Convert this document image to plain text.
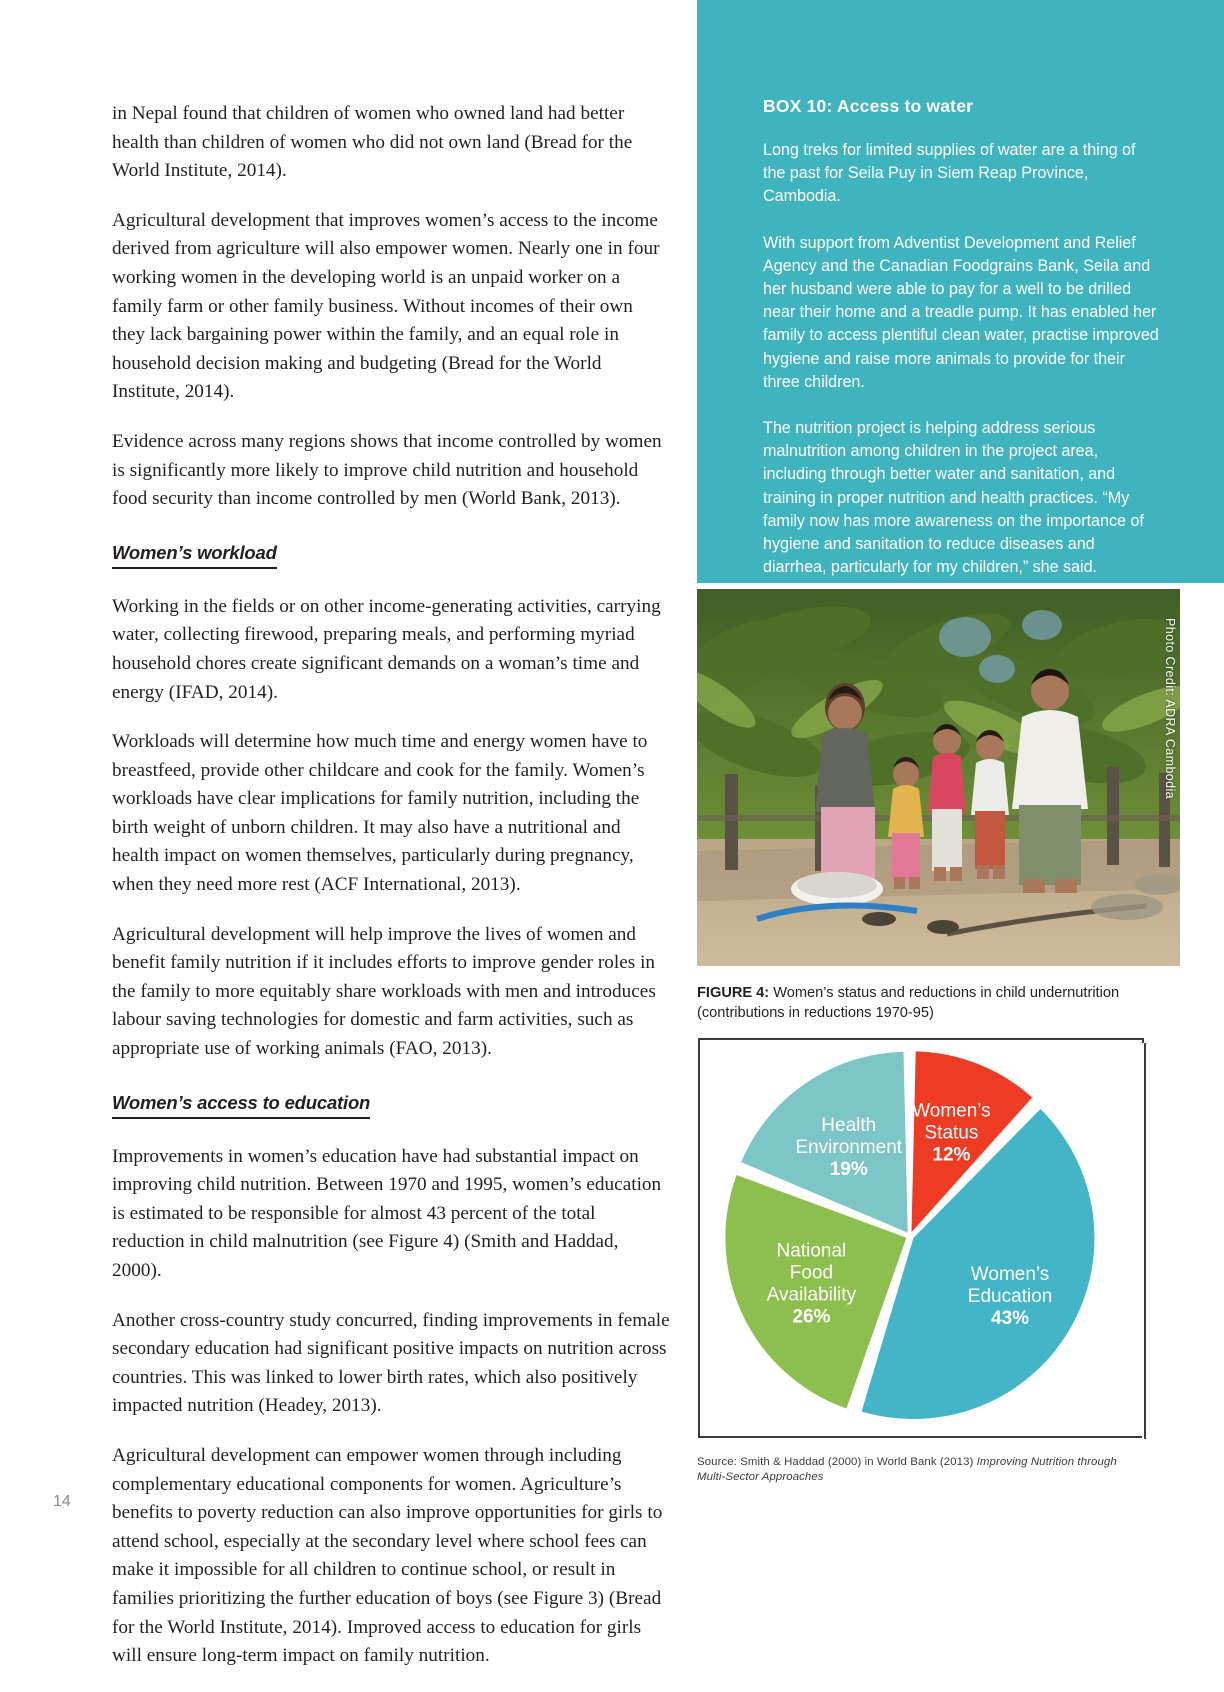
in Nepal found that children of women who owned land had better health than children of women who did not own land (Bread for the World Institute, 2014).

Agricultural development that improves women’s access to the income derived from agriculture will also empower women. Nearly one in four working women in the developing world is an unpaid worker on a family farm or other family business. Without incomes of their own they lack bargaining power within the family, and an equal role in household decision making and budgeting (Bread for the World Institute, 2014).

Evidence across many regions shows that income controlled by women is significantly more likely to improve child nutrition and household food security than income controlled by men (World Bank, 2013).

Women’s workload

Working in the fields or on other income-generating activities, carrying water, collecting firewood, preparing meals, and performing myriad household chores create significant demands on a woman’s time and energy (IFAD, 2014).

Workloads will determine how much time and energy women have to breastfeed, provide other childcare and cook for the family. Women’s workloads have clear implications for family nutrition, including the birth weight of unborn children. It may also have a nutritional and health impact on women themselves, particularly during pregnancy, when they need more rest (ACF International, 2013).

Agricultural development will help improve the lives of women and benefit family nutrition if it includes efforts to improve gender roles in the family to more equitably share workloads with men and introduces labour saving technologies for domestic and farm activities, such as appropriate use of working animals (FAO, 2013).

Women’s access to education

Improvements in women’s education have had substantial impact on improving child nutrition. Between 1970 and 1995, women’s education is estimated to be responsible for almost 43 percent of the total reduction in child malnutrition (see Figure 4) (Smith and Haddad, 2000).

Another cross-country study concurred, finding improvements in female secondary education had significant positive impacts on nutrition across countries. This was linked to lower birth rates, which also positively impacted nutrition (Headey, 2013).

Agricultural development can empower women through including complementary educational components for women. Agriculture’s benefits to poverty reduction can also improve opportunities for girls to attend school, especially at the secondary level where school fees can make it impossible for all children to continue school, or result in families prioritizing the further education of boys (see Figure 3) (Bread for the World Institute, 2014). Improved access to education for girls will ensure long-term impact on family nutrition.

14
BOX 10: Access to water

Long treks for limited supplies of water are a thing of the past for Seila Puy in Siem Reap Province, Cambodia.

With support from Adventist Development and Relief Agency and the Canadian Foodgrains Bank, Seila and her husband were able to pay for a well to be drilled near their home and a treadle pump. It has enabled her family to access plentiful clean water, practise improved hygiene and raise more animals to provide for their three children.

The nutrition project is helping address serious malnutrition among children in the project area, including through better water and sanitation, and training in proper nutrition and health practices. “My family now has more awareness on the importance of hygiene and sanitation to reduce diseases and diarrhea, particularly for my children,” she said.

Photo Credit: ADRA Cambodia
FIGURE 4: Women’s status and reductions in child undernutrition (contributions in reductions 1970-95)
Women’s Status 12%
Women’s Education 43%
National Food Availability 26%
Health Environment 19%
Source: Smith & Haddad (2000) in World Bank (2013) Improving Nutrition through Multi-Sector Approaches
